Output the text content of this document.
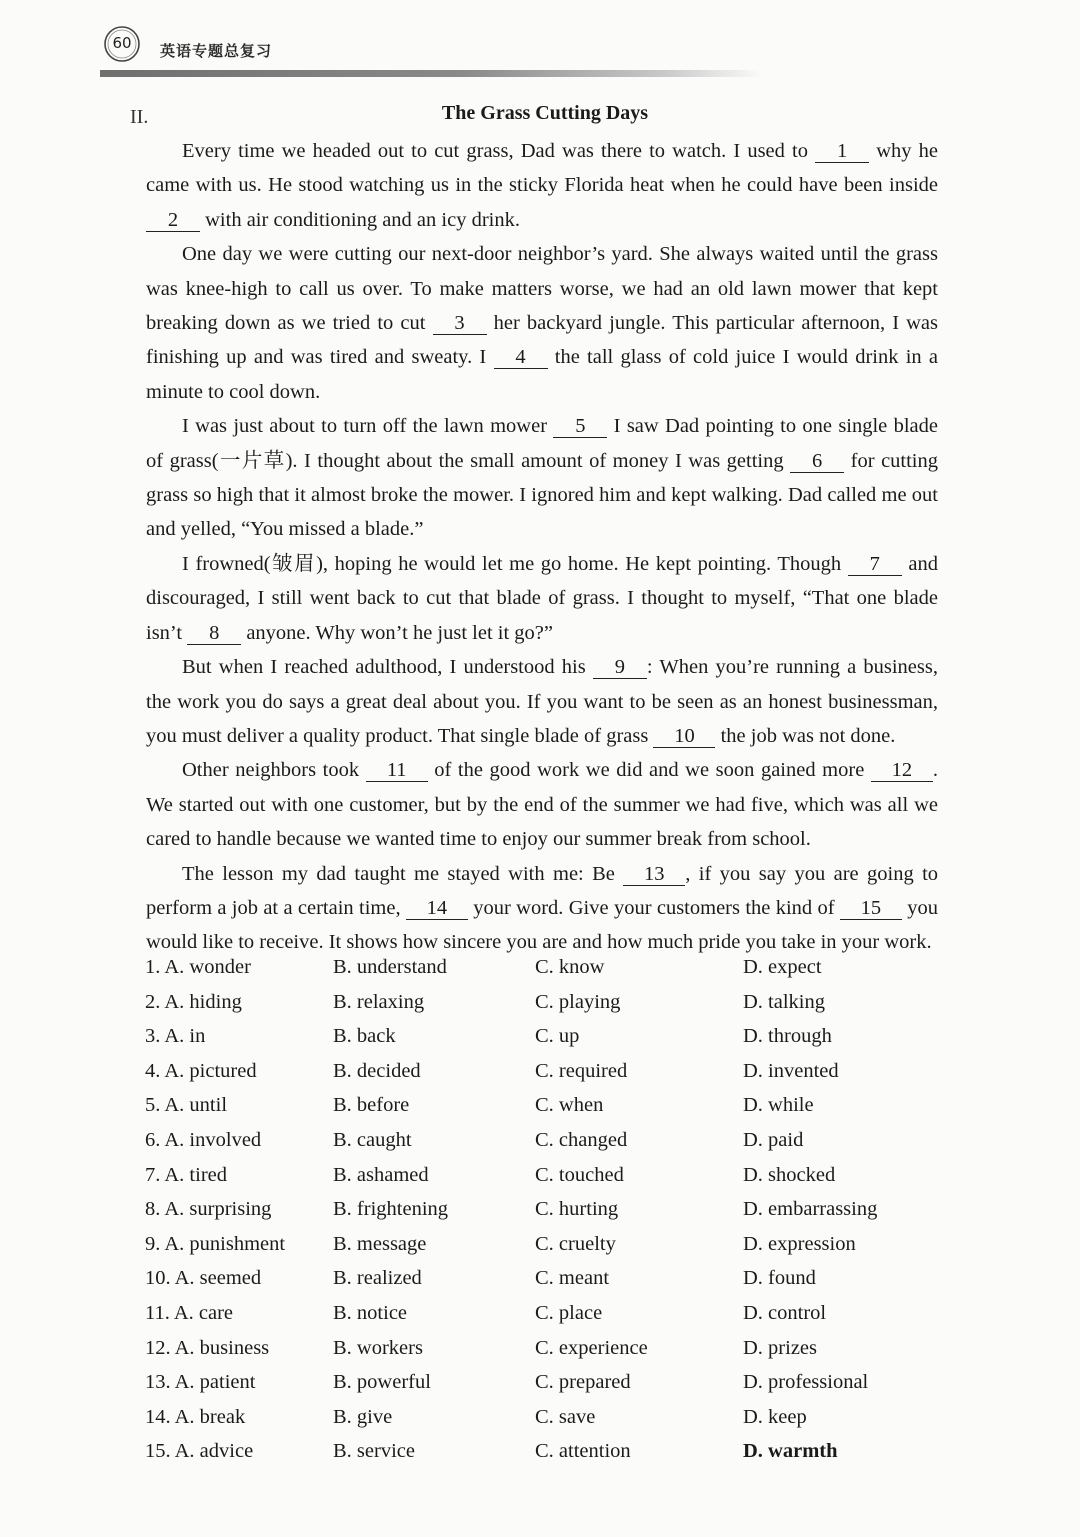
60	英语专题总复习
II.	The Grass Cutting Days

Every time we headed out to cut grass, Dad was there to watch. I used to 1 why he came with us. He stood watching us in the sticky Florida heat when he could have been inside 2 with air conditioning and an icy drink.

One day we were cutting our next-door neighbor’s yard. She always waited until the grass was knee-high to call us over. To make matters worse, we had an old lawn mower that kept breaking down as we tried to cut 3 her backyard jungle. This particular afternoon, I was finishing up and was tired and sweaty. I 4 the tall glass of cold juice I would drink in a minute to cool down.

I was just about to turn off the lawn mower 5 I saw Dad pointing to one single blade of grass(一片草). I thought about the small amount of money I was getting 6 for cutting grass so high that it almost broke the mower. I ignored him and kept walking. Dad called me out and yelled, “You missed a blade.”

I frowned(皱眉), hoping he would let me go home. He kept pointing. Though 7 and discouraged, I still went back to cut that blade of grass. I thought to myself, “That one blade isn’t 8 anyone. Why won’t he just let it go?”

But when I reached adulthood, I understood his 9 : When you’re running a business, the work you do says a great deal about you. If you want to be seen as an honest businessman, you must deliver a quality product. That single blade of grass 10 the job was not done.

Other neighbors took 11 of the good work we did and we soon gained more 12 . We started out with one customer, but by the end of the summer we had five, which was all we cared to handle because we wanted time to enjoy our summer break from school.

The lesson my dad taught me stayed with me: Be 13 , if you say you are going to perform a job at a certain time, 14 your word. Give your customers the kind of 15 you would like to receive. It shows how sincere you are and how much pride you take in your work.

1. A. wonder	B. understand	C. know	D. expect
2. A. hiding	B. relaxing	C. playing	D. talking
3. A. in	B. back	C. up	D. through
4. A. pictured	B. decided	C. required	D. invented
5. A. until	B. before	C. when	D. while
6. A. involved	B. caught	C. changed	D. paid
7. A. tired	B. ashamed	C. touched	D. shocked
8. A. surprising	B. frightening	C. hurting	D. embarrassing
9. A. punishment B. message	C. cruelty	D. expression
10. A. seemed	B. realized	C. meant	D. found
11. A. care	B. notice	C. place	D. control
12. A. business	B. workers	C. experience	D. prizes
13. A. patient	B. powerful	C. prepared	D. professional
14. A. break	B. give	C. save	D. keep
15. A. advice	B. service	C. attention	D. warmth
